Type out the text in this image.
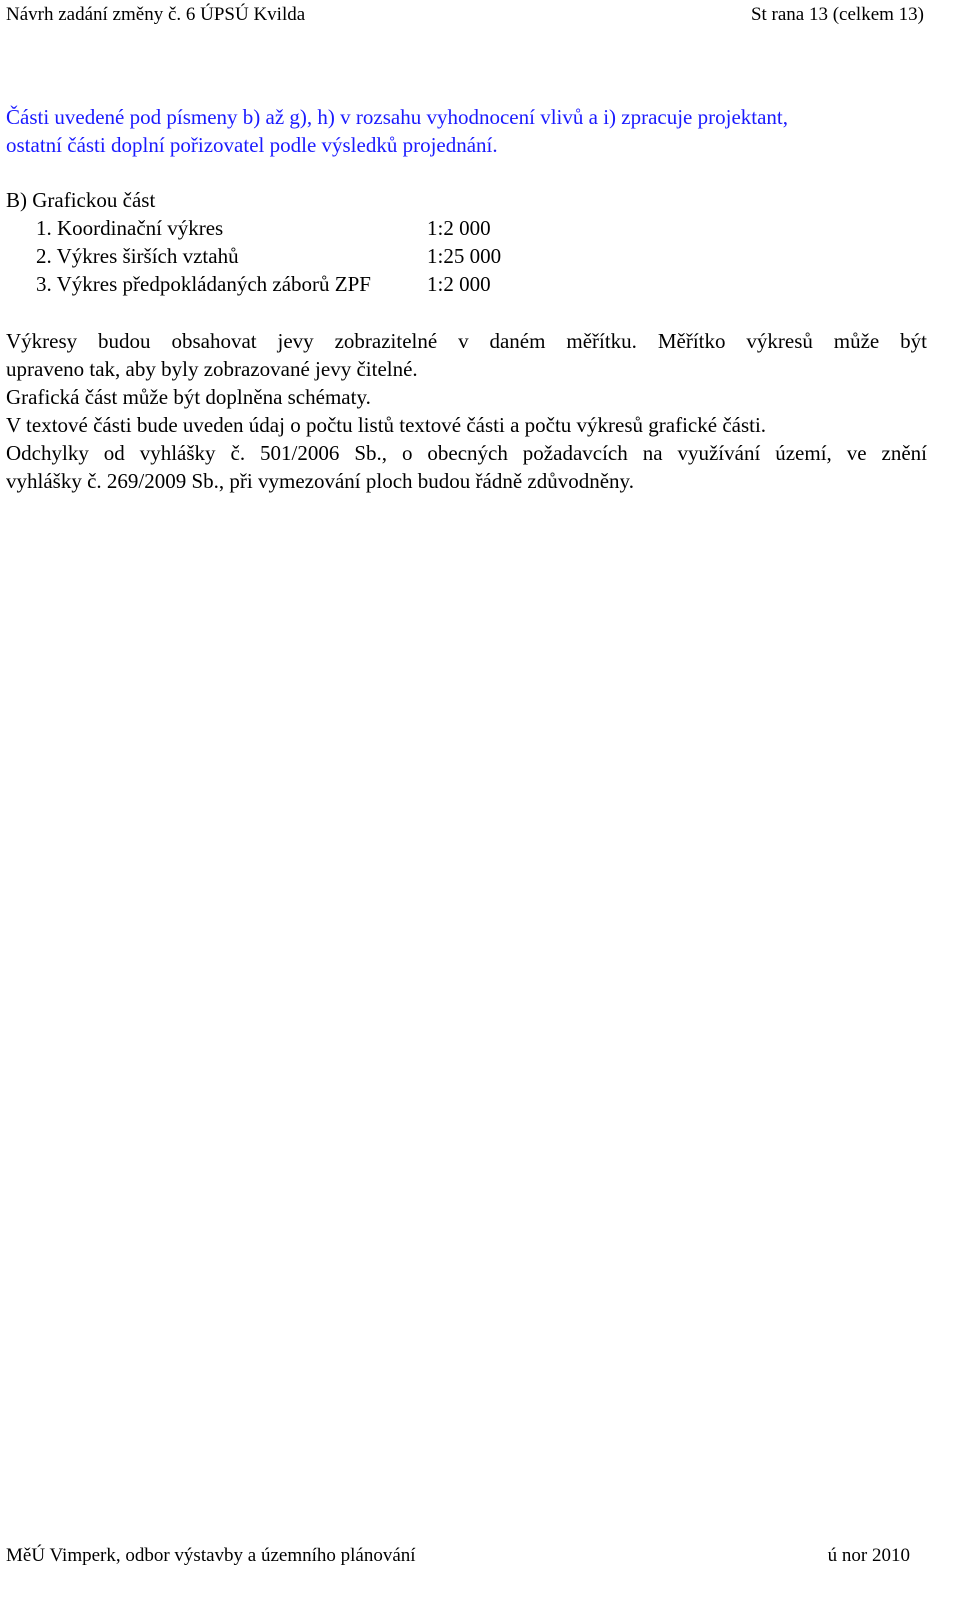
Návrh zadání změny č. 6 ÚPSÚ Kvilda	St rana 13 (celkem 13)
Části uvedené pod písmeny b) až g), h) v rozsahu vyhodnocení vlivů a i) zpracuje projektant,
ostatní části doplní pořizovatel podle výsledků projednání.
B) Grafickou část
1. Koordinační výkres	1:2 000
2. Výkres širších vztahů	1:25 000
3. Výkres předpokládaných záborů ZPF	1:2 000
Výkresy budou obsahovat jevy zobrazitelné v daném měřítku. Měřítko výkresů může být
upraveno tak, aby byly zobrazované jevy čitelné.
Grafická část může být doplněna schématy.
V textové části bude uveden údaj o počtu listů textové části a počtu výkresů grafické části.
Odchylky od vyhlášky č. 501/2006 Sb., o obecných požadavcích na využívání území, ve znění
vyhlášky č. 269/2009 Sb., při vymezování ploch budou řádně zdůvodněny.
MěÚ Vimperk, odbor výstavby a územního plánování	ú nor 2010
